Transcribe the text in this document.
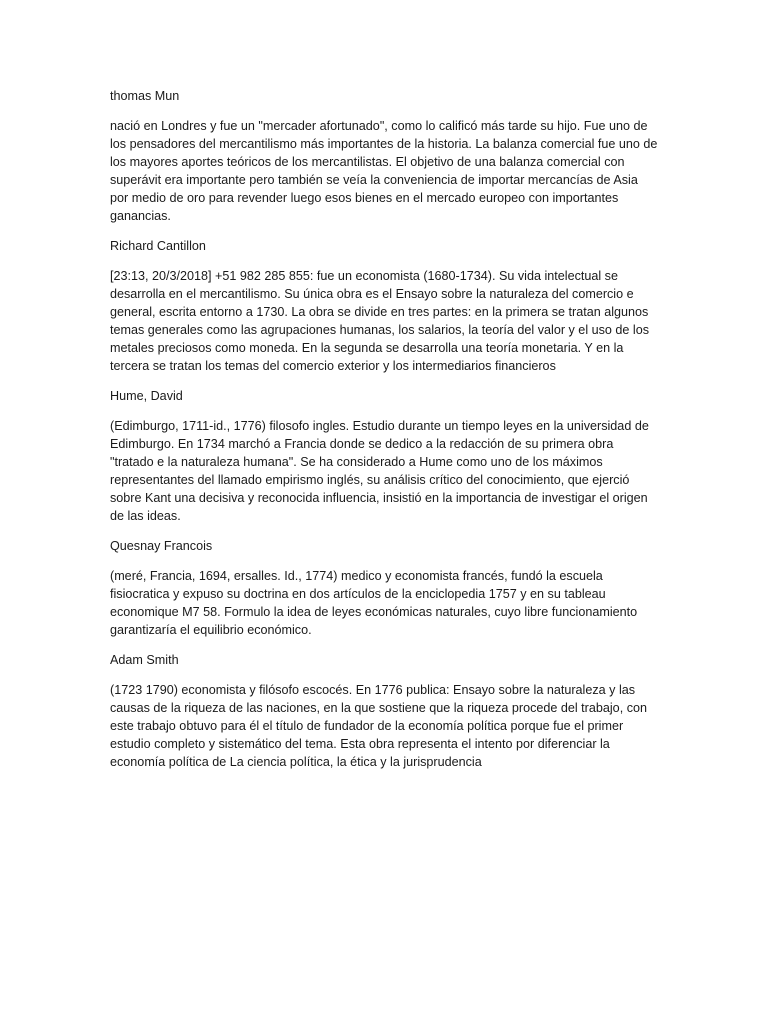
thomas Mun

nació en Londres y fue un "mercader afortunado", como lo calificó más tarde su hijo. Fue uno de los pensadores del mercantilismo más importantes de la historia. La balanza comercial fue uno de los mayores aportes teóricos de los mercantilistas. El objetivo de una balanza comercial con superávit era importante pero también se veía la conveniencia de importar mercancías de Asia por medio de oro para revender luego esos bienes en el mercado europeo con importantes ganancias.

Richard Cantillon

[23:13, 20/3/2018] +51 982 285 855: fue un economista (1680-1734). Su vida intelectual se desarrolla en el mercantilismo. Su única obra es el Ensayo sobre la naturaleza del comercio e general, escrita entorno a 1730. La obra se divide en tres partes: en la primera se tratan algunos temas generales como las agrupaciones humanas, los salarios, la teoría del valor y el uso de los metales preciosos como moneda. En la segunda se desarrolla una teoría monetaria. Y en la tercera se tratan los temas del comercio exterior y los intermediarios financieros

Hume, David

(Edimburgo, 1711-id., 1776) filosofo ingles. Estudio durante un tiempo leyes en la universidad de Edimburgo. En 1734 marchó a Francia donde se dedico a la redacción de su primera obra "tratado e la naturaleza humana". Se ha considerado a Hume como uno de los máximos representantes del llamado empirismo inglés, su análisis crítico del conocimiento, que ejerció sobre Kant una decisiva y reconocida influencia, insistió en la importancia de investigar el origen de las ideas.

Quesnay Francois

(meré, Francia, 1694, ersalles. Id., 1774) medico y economista francés, fundó la escuela fisiocratica y expuso su doctrina en dos artículos de la enciclopedia 1757 y en su tableau economique M7 58. Formulo la idea de leyes económicas naturales, cuyo libre funcionamiento garantizaría el equilibrio económico.

Adam Smith

(1723 1790) economista y filósofo escocés. En 1776 publica: Ensayo sobre la naturaleza y las causas de la riqueza de las naciones, en la que sostiene que la riqueza procede del trabajo, con este trabajo obtuvo para él el título de fundador de la economía política porque fue el primer estudio completo y sistemático del tema. Esta obra representa el intento por diferenciar la economía política de La ciencia política, la ética y la jurisprudencia
